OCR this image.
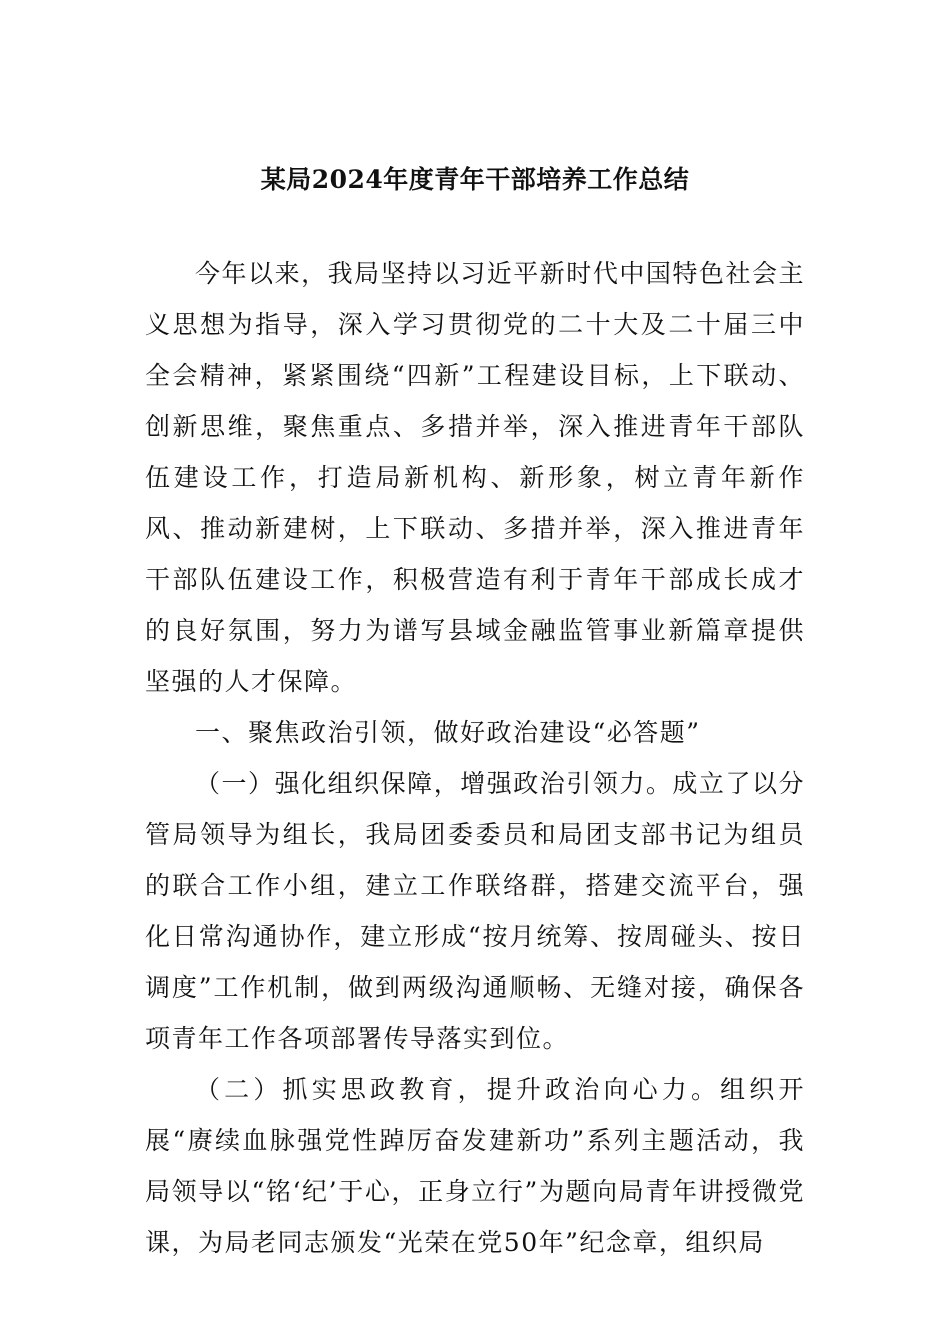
某局2024年度青年干部培养工作总结

今年以来，我局坚持以习近平新时代中国特色社会主义思想为指导，深入学习贯彻党的二十大及二十届三中全会精神，紧紧围绕“四新”工程建设目标，上下联动、创新思维，聚焦重点、多措并举，深入推进青年干部队伍建设工作，打造局新机构、新形象，树立青年新作风、推动新建树，上下联动、多措并举，深入推进青年干部队伍建设工作，积极营造有利于青年干部成长成才的良好氛围，努力为谱写县域金融监管事业新篇章提供坚强的人才保障。

一、聚焦政治引领，做好政治建设“必答题”

（一）强化组织保障，增强政治引领力。成立了以分管局领导为组长，我局团委委员和局团支部书记为组员的联合工作小组，建立工作联络群，搭建交流平台，强化日常沟通协作，建立形成“按月统筹、按周碰头、按日调度”工作机制，做到两级沟通顺畅、无缝对接，确保各项青年工作各项部署传导落实到位。

（二）抓实思政教育，提升政治向心力。组织开展“赓续血脉强党性踔厉奋发建新功”系列主题活动，我局领导以“铭‘纪’于心，正身立行”为题向局青年讲授微党课，为局老同志颁发“光荣在党50年”纪念章，组织局
